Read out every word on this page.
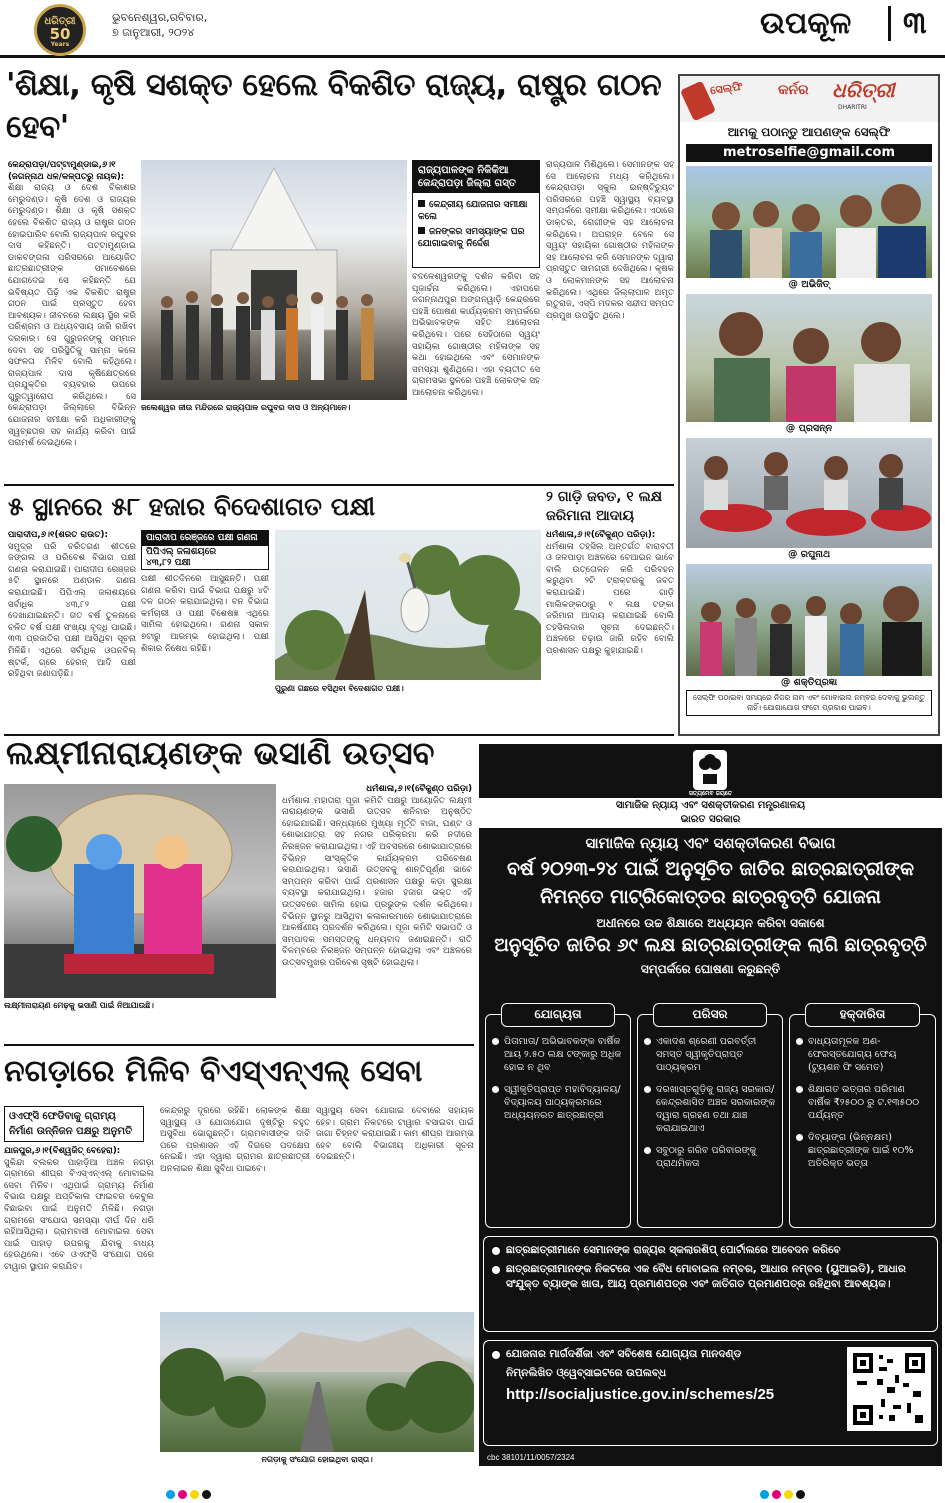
ଧରିତ୍ରୀ
50
Years
ଭୁବନେଶ୍ୱର,ରବିବାର,
୭ ଜାନୁଆରୀ, ୨୦୨୪	ଉପକୂଳ	୩
'ଶିକ୍ଷା, କୃଷି ସଶକ୍ତ ହେଲେ ବିକଶିତ ରାଜ୍ୟ, ରାଷ୍ଟ୍ର ଗଠନ ହେବ'
କେନ୍ଦ୍ରାପଡ଼ା/ପଟ୍ଟାମୁଣ୍ଡାଇ,୬।୧ (ଜଗନ୍ନାଥ ଧଳ/କଳ୍ପତରୁ ନାୟକ):
ଶିକ୍ଷା ରାଜ୍ୟ ଓ ଦେଶ ବିକାଶର ମେରୁଦଣ୍ଡ। କୃଷି ଦେଶ ଓ ରାଜ୍ୟର ମେରୁଦଣ୍ଡ। ଶିକ୍ଷା ଓ କୃଷି ସଶକ୍ତ ହେଲେ ବିକଶିତ ରାଜ୍ୟ ଓ ରାଷ୍ଟ୍ର ଗଠନ ହୋଇପାରିବ ବୋଲି ରାଜ୍ୟପାଳ ରଘୁବର ଦାସ କହିଛନ୍ତି। ପଟ୍ଟାମୁଣ୍ଡାଇ ଡାକବଙ୍ଗଳା ପରିସରରେ ଆୟୋଜିତ ଛାତ୍ରଛାତ୍ରୀଙ୍କ ସମାବେଶରେ ଯୋଗଦେଇ ସେ କହିଛନ୍ତି ଯେ ଭବିଷ୍ୟତ ପିଢ଼ି ଏକ ବିକଶିତ ରାଷ୍ଟ୍ର ଗଠନ ପାଇଁ ପ୍ରସ୍ତୁତ ହେବା ଆବଶ୍ୟକ। ଜୀବନରେ ଲକ୍ଷ୍ୟ ସ୍ଥିର କରି ପରିଶ୍ରମ ଓ ଅଧ୍ୟବସାୟ ଜାରି ରଖିବା ଦରକାର। ସେ ଗୁରୁଜନଙ୍କୁ ସମ୍ମାନ ଦେବା ସହ ପରିସ୍ଥିତିକୁ ସାମ୍ନା କଲେ ସଫଳତା ମିଳିବ ବୋଲି କହିଥିଲେ। ରାଜ୍ୟପାଳ ଦାସ କୃଷିକ୍ଷେତ୍ରରେ ପ୍ରଯୁକ୍ତିର ବ୍ୟବହାର ଉପରେ ଗୁରୁତ୍ୱାରୋପ କରିଥିଲେ। ସେ କେନ୍ଦ୍ରାପଡ଼ା ଜିଲ୍ଲାରେ ବିଭିନ୍ନ ଯୋଜନାର ସମୀକ୍ଷା କରି ଅଧିକାରୀଙ୍କୁ ସ୍ୱଚ୍ଛତାର ସହ କାର୍ଯ୍ୟ କରିବା ପାଇଁ ପରାମର୍ଶ ଦେଇଥିଲେ।
ଜଲେଶ୍ୱର ଜୀଉ ମନ୍ଦିରରେ ରାଜ୍ୟପାଳ ରଘୁବର ଦାସ ଓ ଅନ୍ୟମାନେ।
ରାଜ୍ୟପାଳଙ୍କ ନିକିକିଆ କେନ୍ଦ୍ରାପଡ଼ା ଜିଲ୍ଲା ଗସ୍ତ
କେନ୍ଦ୍ରୀୟ ଯୋଜନାର ସମୀକ୍ଷା କଲେ
ଜନଙ୍କର ସମସ୍ୟାଙ୍କ ଘର ଯୋଗାଇବାକୁ ନିର୍ଦ୍ଦେଶ
ବଦଳେଶ୍ୱରଙ୍କୁ ଦର୍ଶନ କରିବା ସହ ପୂଜାର୍ଚ୍ଚନା କରିଥିଲେ। ଏହାପରେ ଜଗନ୍ନାଥପୁର ଅଙ୍ଗନୱାଡ଼ି କେନ୍ଦ୍ରରେ ପହଞ୍ଚି ପୋଷଣ କାର୍ଯ୍ୟକ୍ରମ ସମ୍ପର୍କରେ ଅଭିଭାବକଙ୍କ ସହିତ ଆଲୋଚନା କରିଥିଲେ। ପରେ ସେହିଠାରେ ସ୍ୱୟଂ ସହାୟିକା ଗୋଷ୍ଠୀର ମହିଳାଙ୍କ ସହ କଥା ହୋଇଥିଲେ ଏବଂ ସେମାନଙ୍କ ସମସ୍ୟା ଶୁଣିଥିଲେ। ଏହା ବ୍ୟତୀତ ସେ ଗ୍ରାମସଭା ସ୍ଥଳରେ ପହଞ୍ଚି ଲୋକଙ୍କ ସହ ଆଲୋଚନା କରିଥିଲେ।
ରାଜ୍ୟପାଳ ମିଶିଥିଲେ। ସେମାନଙ୍କ ସହ ସେ ଆଲୋଚନା ମଧ୍ୟ କରିଥିଲେ। କେନ୍ଦ୍ରାପଡ଼ା ସ୍କୁଲ ଇନ୍‌ଷ୍ଟିଚ୍ୟୁଟ ପରିସରରେ ପହଞ୍ଚି ସ୍ୱାସ୍ଥ୍ୟ ବ୍ୟବସ୍ଥା ସମ୍ପର୍କରେ ସମୀକ୍ଷା କରିଥିଲେ। ଏଠାରେ ଡାକ୍ତର, ରୋଗୀଙ୍କ ସହ ଆଲୋଚନା କରିଥିଲେ। ଅପରାହ୍ନ ବେଳେ ସେ ସ୍ୱୟଂ ସହାୟିକା ଗୋଷ୍ଠୀର ମହିଳାଙ୍କ ସହ ଆଲୋଚନା କରି ସେମାନଙ୍କ ଦ୍ୱାରା ପ୍ରସ୍ତୁତ ସାମଗ୍ରୀ ଦେଖିଥିଲେ। କୃଷକ ଓ ଲୋକମାନଙ୍କ ସହ ଆଲୋଚନା କରିଥିଲେ। ଏଥିରେ ଜିଲ୍ଲାପାଳ ଅମୃତ ଋତୁରାଜ, ଏସ୍‌ପି ମଦକର ସନ୍ଦୀପ ସମ୍ପତ ପ୍ରମୁଖ ଉପସ୍ଥିତ ଥିଲେ।
୫ ସ୍ଥାନରେ ୫୮ ହଜାର ବିଦେଶାଗତ ପକ୍ଷୀ
ପାରାଦୀପ,୬।୧(ଶରତ ରାଉତ):
ସମୁଦ୍ର ପରି ଚରିତଗଣ ଶୀତରେ ଜଙ୍ଗଲ ଓ ପରିବେଶ ବିଭାଗ ପକ୍ଷୀ ଗଣନା କରାଯାଇଛି। ପାରାଦୀପ ରେଞ୍ଜର ୫ଟି ସ୍ଥାନରେ ଅଣ୍ଡାଳ ଗଣନା କରାଯାଇଛି। ପିପିଏଲ୍ ଜଳାଶୟରେ ସର୍ବାଧିକ ୪୩,୮୨ ପକ୍ଷୀ ଦେଖାଯାଇଛନ୍ତି। ଗତ ବର୍ଷ ତୁଳନାରେ ଚଳିତ ବର୍ଷ ପକ୍ଷୀ ସଂଖ୍ୟା ବୃଦ୍ଧି ପାଇଛି। ୩୩ ପ୍ରଜାତିର ପକ୍ଷୀ ଆସିଥିବା ସୂଚନା ମିଳିଛି। ଏଥିରେ ସର୍ବାଧିକ ଓପନବିଲ୍ ଷ୍ଟର୍କ, ଗ୍ରେ ହେରନ୍ ଆଦି ପକ୍ଷୀ ରହିଥିବା ଜଣାପଡ଼ିଛି।
ପାରାଦୀପ ରେଞ୍ଜରେ ପକ୍ଷୀ ଗଣନା
ପିପିଏଲ୍ ଜଳାଶୟରେ
୪୩,୮୨ ପକ୍ଷୀ
ପକ୍ଷୀ ଶୀତଦିନରେ ଆସୁଛନ୍ତି। ପକ୍ଷୀ ଗଣନା କରିବା ପାଇଁ ବିଭାଗ ପକ୍ଷରୁ ୪ଟି ଦଳ ଗଠନ କରାଯାଇଥିଲା। ବନ ବିଭାଗ କର୍ମଚାରୀ ଓ ପକ୍ଷୀ ବିଶେଷଜ୍ଞ ଏଥିରେ ସାମିଲ ହୋଇଥିଲେ। ଗଣନା ସକାଳ ୭ଟାରୁ ଆରମ୍ଭ ହୋଇଥିଲା। ପକ୍ଷୀ ଶିକାର ନିଷେଧ ରହିଛି।
ପୁରୁଣା ଗଛରେ ବସିଥିବା ବିଦେଶାଗତ ପକ୍ଷୀ।
୨ ଗାଡ଼ି ଜବତ, ୧ ଲକ୍ଷ ଜରିମାନା ଆଦାୟ
ଧର୍ମଶାଳା,୬।୧(ବୈକୁଣ୍ଠ ପରିଡ଼ା):
ଧର୍ମଶାଳା ତହସିଲ ଅନ୍ତର୍ଗତ ବାରାବତୀ ଓ ଜଳପାଡ଼ା ଅଞ୍ଚଳରେ ବେଆଇନ ଭାବେ ବାଲି ଉତ୍ତୋଳନ କରି ପରିବହନ କରୁଥିବା ୨ଟି ଟ୍ରାକ୍ଟରକୁ ଜବତ କରାଯାଇଛି। ପରେ ଗାଡ଼ି ମାଲିକଙ୍କଠାରୁ ୧ ଲକ୍ଷ ଟଙ୍କା ଜରିମାନା ଆଦାୟ କରାଯାଇଛି ବୋଲି ତହସିଲଦାର ସୂଚନା ଦେଇଛନ୍ତି। ଅଞ୍ଚଳରେ ଚଢ଼ାଉ ଜାରି ରହିବ ବୋଲି ପ୍ରଶାସନ ପକ୍ଷରୁ କୁହାଯାଇଛି।
ସେଲ୍ଫି କର୍ନର ଧରିତ୍ରୀ
DHARITRI
ଆମକୁ ପଠାନ୍ତୁ ଆପଣଙ୍କ ସେଲ୍ଫି
metroselfie@gmail.com
@ ଅଭିଜିତ୍
@ ପ୍ରସନ୍ନ
@ ରଘୁନାଥ
@ ଶକ୍ତିପ୍ରଜ୍ଞା
ସେଲ୍ଫି ପଠାଇବା ସମୟରେ ନିଜର ନାମ ଏବଂ ମୋବାଇଲ ନମ୍ବର ଦେବାକୁ ଭୁଲନ୍ତୁ ନାହିଁ। ଯୋଗାଯୋଗ ଫଟୋ ପ୍ରକାଶ ପାଇବ।
ଲକ୍ଷ୍ମୀନାରାୟଣଙ୍କ ଭସାଣି ଉତ୍ସବ
ଲକ୍ଷ୍ମୀନାରାୟଣ ମେଢ଼କୁ ଭସାଣି ପାଇଁ ନିଆଯାଉଛି।
ଧର୍ମଶାଳା,୬।୧(ବୈକୁଣ୍ଠ ପରିଡ଼ା)
ଧର୍ମଶାଳା ମହାତାରା ପୂଜା କମିଟି ପକ୍ଷରୁ ଆୟୋଜିତ ଲକ୍ଷ୍ମୀ ନାରାୟଣଙ୍କ ଭସାଣି ଉତ୍ସବ ଶନିବାର ଅନୁଷ୍ଠିତ ହୋଇଯାଇଛି। ସନ୍ଧ୍ୟାରେ ମୁଖ୍ୟା ମୂର୍ତ୍ତି ବାଜା, ଘଣ୍ଟ ଓ ଶୋଭାଯାତ୍ରା ସହ ନଗର ପରିକ୍ରମା କରି ନଦୀରେ ନିରଞ୍ଜନ କରାଯାଇଥିଲା। ଏହି ଅବସରରେ ଶୋଭାଯାତ୍ରାରେ ବିଭିନ୍ନ ସାଂସ୍କୃତିକ କାର୍ଯ୍ୟକ୍ରମ ପରିବେଷଣ କରାଯାଇଥିଲା। ଭସାଣି ଉତ୍ସବକୁ ଶାନ୍ତିପୂର୍ଣ୍ଣ ଭାବେ ସମ୍ପନ୍ନ କରିବା ପାଇଁ ପ୍ରଶାସନ ପକ୍ଷରୁ କଡ଼ା ସୁରକ୍ଷା ବ୍ୟବସ୍ଥା କରାଯାଇଥିଲା। ହଜାର ହଜାର ଭକ୍ତ ଏହି ଉତ୍ସବରେ ସାମିଲ ହୋଇ ପ୍ରଭୁଙ୍କ ଦର୍ଶନ କରିଥିଲେ। ବିଭିନ୍ନ ସ୍ଥାନରୁ ଆସିଥିବା କଳାକାରମାନେ ଶୋଭାଯାତ୍ରାରେ ଆକର୍ଷଣୀୟ ପ୍ରଦର୍ଶନ କରିଥିଲେ। ପୂଜା କମିଟି ସଭାପତି ଓ ସମ୍ପାଦକ ସମସ୍ତଙ୍କୁ ଧନ୍ୟବାଦ ଜଣାଇଛନ୍ତି। ରାତି ବିଳମ୍ବରେ ନିରଞ୍ଜନ ସମ୍ପନ୍ନ ହୋଇଥିଲା ଏବଂ ଅଞ୍ଚଳରେ ଉତ୍ସବମୁଖର ପରିବେଶ ସୃଷ୍ଟି ହୋଇଥିଲା।
ନଗଡ଼ାରେ ମିଳିବ ବିଏସ୍‌ଏନ୍‌ଏଲ୍ ସେବା
ଓଏଫ୍‌ସି ଫେଡିବାକୁ ଗ୍ରାମ୍ୟ
ନିର୍ମାଣ ଉନ୍ନିଜନ ପକ୍ଷରୁ ଅନୁମତି
ଯାଜପୁର,୬।୧(ବିଶ୍ୱଜିତ୍ ବେହେରା):
ସୁକିନ୍ଦା ବ୍ଲକର ପାହାଡ଼ିଆ ଅଞ୍ଚଳ ନଗଡ଼ା ଗ୍ରାମରେ ଶୀଘ୍ର ବିଏସ୍‌ଏନ୍‌ଏଲ୍ ମୋବାଇଲ ସେବା ମିଳିବ। ଏଥିପାଇଁ ଗ୍ରାମ୍ୟ ନିର୍ମାଣ ବିଭାଗ ପକ୍ଷରୁ ଅପ୍ଟିକାଲ ଫାଇବର କେବୁଲ ବିଛାଇବା ପାଇଁ ଅନୁମତି ମିଳିଛି। ନଗଡ଼ା ଗ୍ରାମରେ ସଂଯୋଗ ସମସ୍ୟା ଦୀର୍ଘ ଦିନ ଧରି ରହିଆସିଥିଲା। ଗ୍ରାମବାସୀ ମୋବାଇଲ ସେବା ପାଇଁ ପାହାଡ଼ ଉପରକୁ ଯିବାକୁ ବାଧ୍ୟ ହେଉଥିଲେ। ଏବେ ଓଏଫ୍‌ସି ସଂଯୋଗ ପରେ ଟାୱାର ସ୍ଥାପନ କରାଯିବ।
କେନ୍ଦ୍ରରୁ ଦୂରରେ ରହିଛି। ଲୋକଙ୍କ ଶିକ୍ଷା ସ୍ୱାସ୍ଥ୍ୟ ଓ ଯୋଗାଯୋଗ ଦୃଷ୍ଟିରୁ ବହୁତ ଅସୁବିଧା ଭୋଗୁଛନ୍ତି। ଗ୍ରାମବାସୀଙ୍କ ଦାବି ପରେ ପ୍ରଶାସନ ଏହି ଦିଗରେ ପଦକ୍ଷେପ ନେଇଛି। ଏହା ଦ୍ୱାରା ଗ୍ରାମର ଛାତ୍ରଛାତ୍ରୀ ଅନଲାଇନ ଶିକ୍ଷା ସୁବିଧା ପାଇବେ।
ସ୍ୱାସ୍ଥ୍ୟ ସେବା ଯୋଗାଇ ଦେବାରେ ସହାୟକ ହେବ। ଗ୍ରାମ ନିକଟରେ ଟାୱାର ବସାଇବା ପାଇଁ ଜାଗା ଚିହ୍ନଟ କରାଯାଇଛି। କାମ ଶୀଘ୍ର ଆରମ୍ଭ ହେବ ବୋଲି ବିଭାଗୀୟ ଅଧିକାରୀ ସୂଚନା ଦେଇଛନ୍ତି।
ନଗଡ଼ାକୁ ସଂଯୋଗ ହୋଇଥିବା ରାସ୍ତା।
ସତ୍ୟମେବ ଜୟତେ
ସାମାଜିକ ନ୍ୟାୟ ଏବଂ ସଶକ୍ତୀକରଣ ମନ୍ତ୍ରଣାଳୟ
ଭାରତ ସରକାର
ସାମାଜିକ ନ୍ୟାୟ ଏବଂ ସଶକ୍ତୀକରଣ ବିଭାଗ
ବର୍ଷ ୨୦୨୩-୨୪ ପାଇଁ ଅନୁସୂଚିତ ଜାତିର ଛାତ୍ରଛାତ୍ରୀଙ୍କ
ନିମନ୍ତେ ମାଟ୍ରିକୋତ୍ତର ଛାତ୍ରବୃତ୍ତି ଯୋଜନା
ଅଧୀନରେ ଉଚ୍ଚ ଶିକ୍ଷାରେ ଅଧ୍ୟୟନ କରିବା ସକାଶେ
ଅନୁସୂଚିତ ଜାତିର ୬୯ ଲକ୍ଷ ଛାତ୍ରଛାତ୍ରୀଙ୍କ ଲାଗି ଛାତ୍ରବୃତ୍ତି
ସମ୍ପର୍କରେ ଘୋଷଣା କରୁଛନ୍ତି
ଯୋଗ୍ୟତା
ପିତାମାତା/ ଅଭିଭାବକଙ୍କ ବାର୍ଷିକ ଆୟ ୨.୫୦ ଲକ୍ଷ ଟଙ୍କାରୁ ଅଧିକ ହୋଇ ନ ଥିବ
ସ୍ୱୀକୃତିପ୍ରାପ୍ତ ମହାବିଦ୍ୟାଳୟ/ ବିଦ୍ୟାଳୟ ପାଠ୍ୟକ୍ରମରେ ଅଧ୍ୟୟନରତ ଛାତ୍ରଛାତ୍ରୀ
ପରିସର
ଏକାଦଶ ଶ୍ରେଣୀ ପରବର୍ତ୍ତୀ ସମସ୍ତ ସ୍ୱୀକୃତିପ୍ରାପ୍ତ ପାଠ୍ୟକ୍ରମ
ଦରଖାସ୍ତଗୁଡ଼ିକୁ ରାଜ୍ୟ ସରକାର/କେନ୍ଦ୍ରଶାସିତ ଅଞ୍ଚଳ ସରକାରଙ୍କ ଦ୍ୱାରା ଗ୍ରହଣ ତଥା ଯାଞ୍ଚ କରାଯାଇଥାଏ
ସବୁଠାରୁ ଗରିବ ପରିବାରଙ୍କୁ ପ୍ରାଥମିକତା
ହକ୍‌ଦାରିତା
ବାଧ୍ୟତାମୂଳକ ଅଣ-ଫେରସ୍ତଯୋଗ୍ୟ ଫେୟ (ଟ୍ୟୁଶନ ଫି ସମେତ)
ଶିକ୍ଷାଗତ ଭତ୍ତାର ପରିମାଣ ବାର୍ଷିକ ₹୨୫୦୦ ରୁ ଟ.୧୩୫୦୦ ପର୍ଯ୍ୟନ୍ତ
ଦିବ୍ୟାଙ୍ଗ (ଭିନ୍ନକ୍ଷମ) ଛାତ୍ରଛାତ୍ରୀଙ୍କ ପାଇଁ ୧୦% ଅତିରିକ୍ତ ଭତ୍ତା

ଛାତ୍ରଛାତ୍ରୀମାନେ ସେମାନଙ୍କ ରାଜ୍ୟର ସ୍କଲାରଶିପ୍ ପୋର୍ଟାଲରେ ଆବେଦନ କରିବେ

ଛାତ୍ରଛାତ୍ରୀମାନଙ୍କ ନିକଟରେ ଏକ ବୈଧ ମୋବାଇଲ ନମ୍ବର, ଆଧାର ନମ୍ବର (ୟୁଆଇଡି), ଆଧାର ସଂଯୁକ୍ତ ବ୍ୟାଙ୍କ ଖାତା, ଆୟ ପ୍ରମାଣପତ୍ର ଏବଂ ଜାତିଗତ ପ୍ରମାଣପତ୍ର ରହିଥିବା ଆବଶ୍ୟକ।

ଯୋଜନାର ମାର୍ଗଦର୍ଶିକା ଏବଂ ସବିଶେଷ ଯୋଗ୍ୟତା ମାନଦଣ୍ଡ

ନିମ୍ନଲିଖିତ ଓ୍ୱେବ୍‌ସାଇଟରେ ଉପଲବ୍ଧ
http://socialjustice.gov.in/schemes/25
cbc 38101/11/0057/2324
